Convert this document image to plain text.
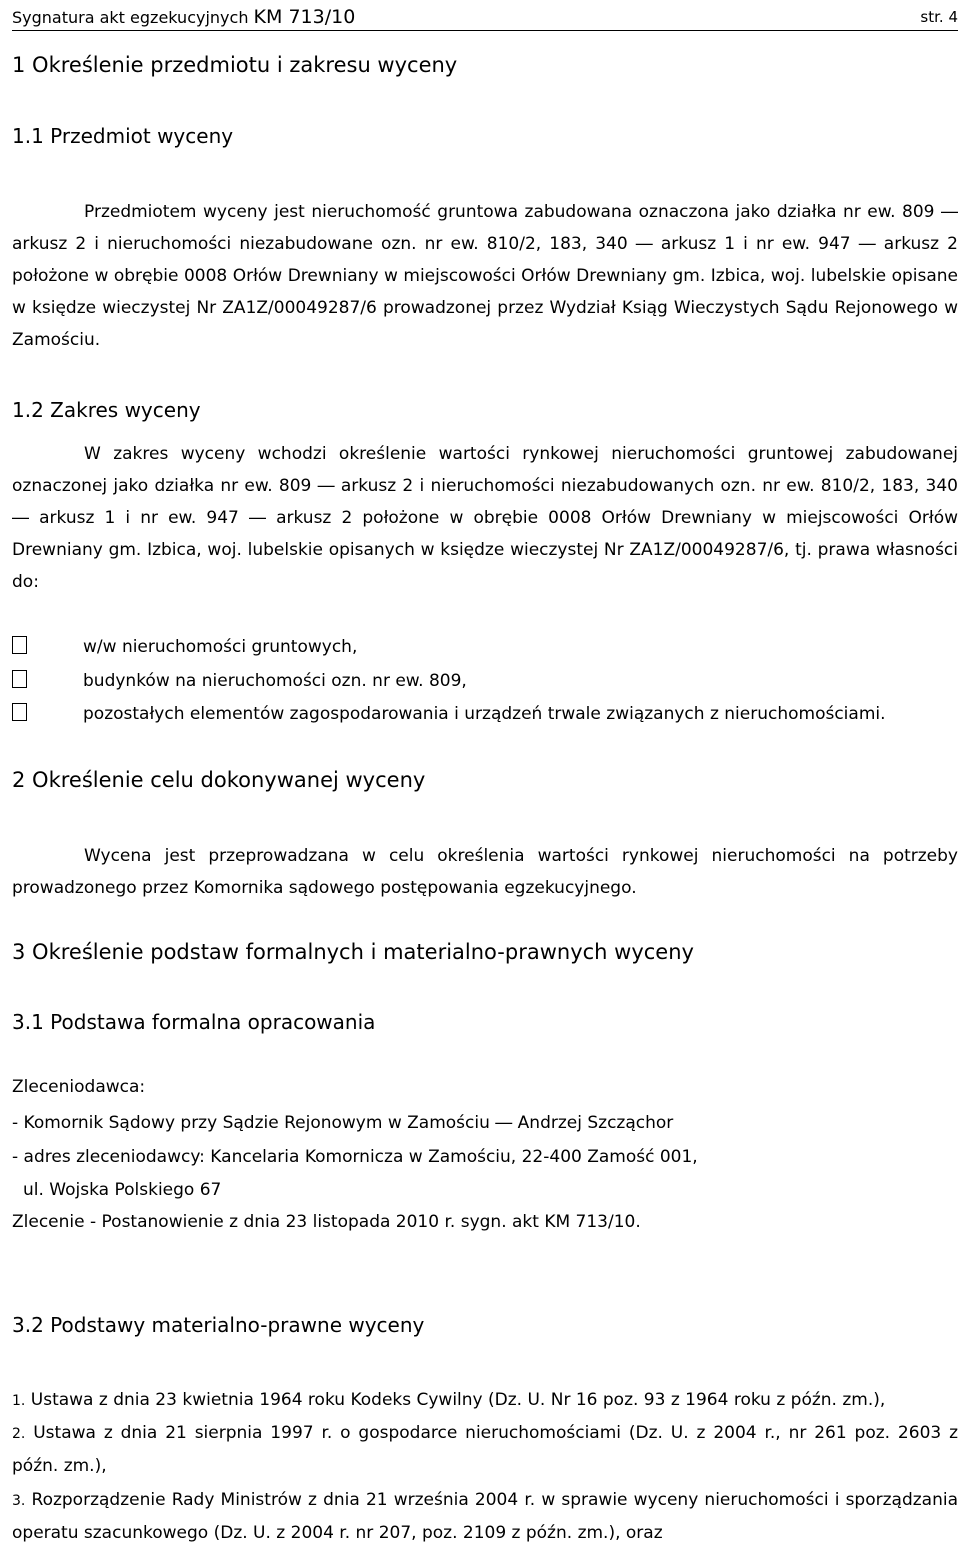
Sygnatura akt egzekucyjnych KM 713/10	str. 4
1 Określenie przedmiotu i zakresu wyceny
1.1 Przedmiot wyceny
Przedmiotem wyceny jest nieruchomość gruntowa zabudowana oznaczona jako działka nr ew. 809 ― arkusz 2 i nieruchomości niezabudowane ozn. nr ew. 810/2, 183, 340 ― arkusz 1 i nr ew. 947 ― arkusz 2 położone w obrębie 0008 Orłów Drewniany w miejscowości Orłów Drewniany gm. Izbica, woj. lubelskie opisane w księdze wieczystej Nr ZA1Z/00049287/6 prowadzonej przez Wydział Ksiąg Wieczystych Sądu Rejonowego w Zamościu.
1.2 Zakres wyceny
W zakres wyceny wchodzi określenie wartości rynkowej nieruchomości gruntowej zabudowanej oznaczonej jako działka nr ew. 809 ― arkusz 2 i nieruchomości niezabudowanych ozn. nr ew. 810/2, 183, 340 ― arkusz 1 i nr ew. 947 ― arkusz 2 położone w obrębie 0008 Orłów Drewniany w miejscowości Orłów Drewniany gm. Izbica, woj. lubelskie opisanych w księdze wieczystej Nr ZA1Z/00049287/6, tj. prawa własności do:
w/w nieruchomości gruntowych,
budynków na nieruchomości ozn. nr ew. 809,
pozostałych elementów zagospodarowania i urządzeń trwale związanych z nieruchomościami.
2 Określenie celu dokonywanej wyceny
Wycena jest przeprowadzana w celu określenia wartości rynkowej nieruchomości na potrzeby prowadzonego przez Komornika sądowego postępowania egzekucyjnego.
3 Określenie podstaw formalnych i materialno-prawnych wyceny
3.1 Podstawa formalna opracowania
Zleceniodawca:
- Komornik Sądowy przy Sądzie Rejonowym w Zamościu ― Andrzej Szcząchor
- adres zleceniodawcy: Kancelaria Komornicza w Zamościu, 22-400 Zamość 001,
ul. Wojska Polskiego 67
Zlecenie - Postanowienie z dnia 23 listopada 2010 r. sygn. akt KM 713/10.
3.2 Podstawy materialno-prawne wyceny
1. Ustawa z dnia 23 kwietnia 1964 roku Kodeks Cywilny (Dz. U. Nr 16 poz. 93 z 1964 roku z późn. zm.),
2. Ustawa z dnia 21 sierpnia 1997 r. o gospodarce nieruchomościami (Dz. U. z 2004 r., nr 261 poz. 2603 z późn. zm.),
3. Rozporządzenie Rady Ministrów z dnia 21 września 2004 r. w sprawie wyceny nieruchomości i sporządzania operatu szacunkowego (Dz. U. z 2004 r. nr 207, poz. 2109 z późn. zm.), oraz
